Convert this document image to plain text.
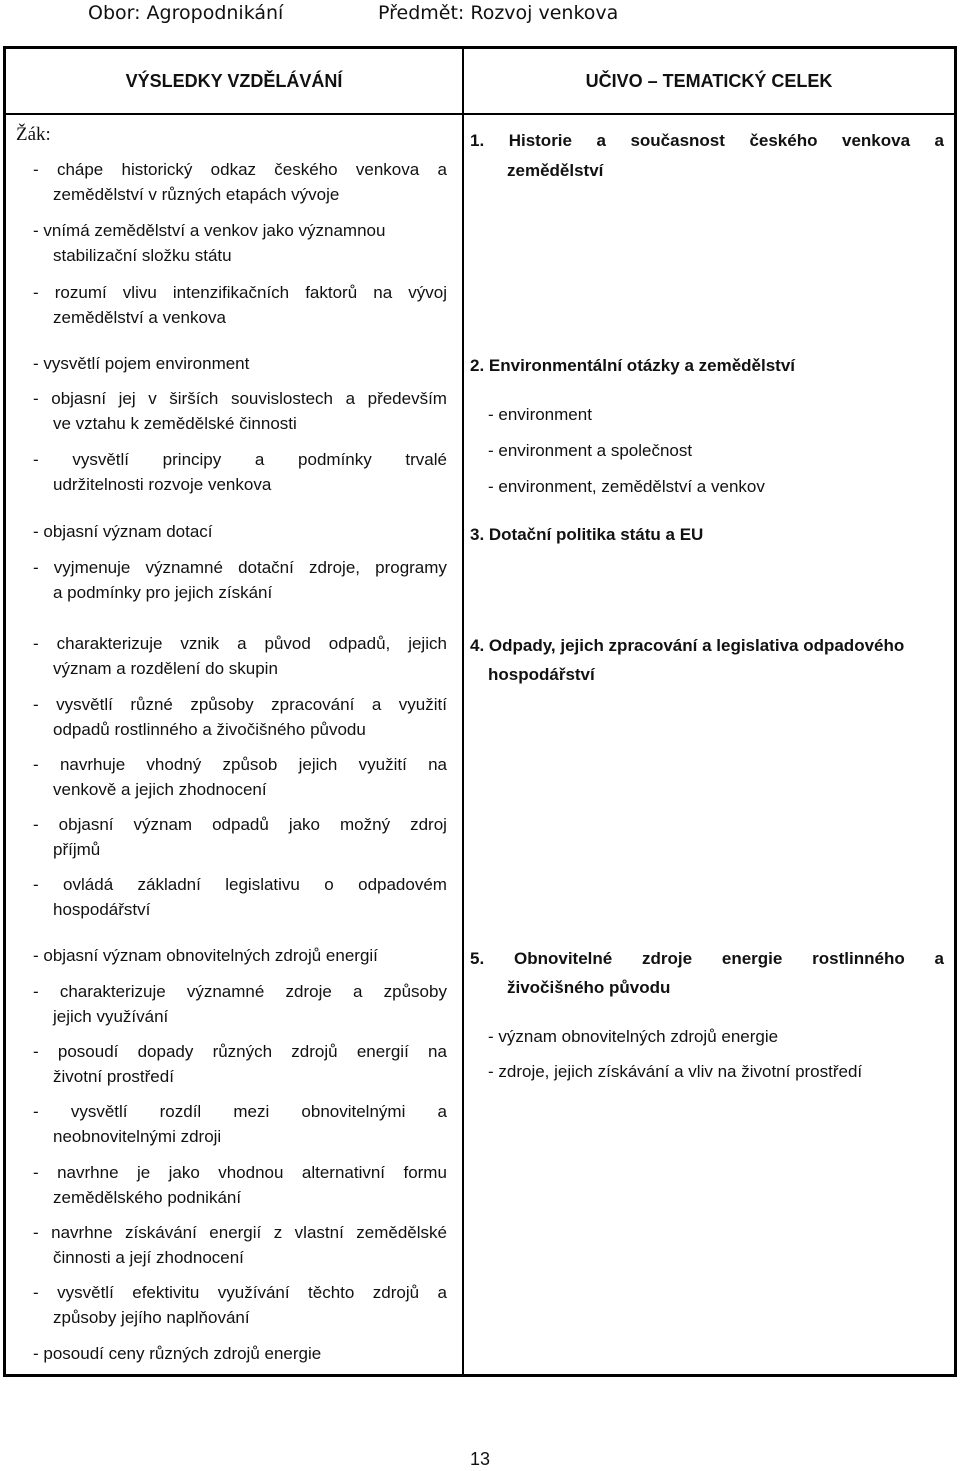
Obor: Agropodnikání	Předmět: Rozvoj venkova
VÝSLEDKY VZDĚLÁVÁNÍ	UČIVO – TEMATICKÝ CELEK
Žák:
- chápe historický odkaz českého venkova a
zemědělství v různých etapách vývoje
- vnímá zemědělství a venkov jako významnou
stabilizační složku státu
- rozumí vlivu intenzifikačních faktorů na vývoj
zemědělství a venkova
- vysvětlí pojem environment
- objasní jej v širších souvislostech a především
ve vztahu k zemědělské činnosti
- vysvětlí principy a podmínky trvalé
udržitelnosti rozvoje venkova
- objasní význam dotací
- vyjmenuje významné dotační zdroje, programy
a podmínky pro jejich získání
- charakterizuje vznik a původ odpadů, jejich
význam a rozdělení do skupin
- vysvětlí různé způsoby zpracování a využití
odpadů rostlinného a živočišného původu
- navrhuje vhodný způsob jejich využití na
venkově a jejich zhodnocení
- objasní význam odpadů jako možný zdroj
příjmů
- ovládá základní legislativu o odpadovém
hospodářství
- objasní význam obnovitelných zdrojů energií
- charakterizuje významné zdroje a způsoby
jejich využívání
- posoudí dopady různých zdrojů energií na
životní prostředí
- vysvětlí rozdíl mezi obnovitelnými a
neobnovitelnými zdroji
- navrhne je jako vhodnou alternativní formu
zemědělského podnikání
- navrhne získávání energií z vlastní zemědělské
činnosti a její zhodnocení
- vysvětlí efektivitu využívání těchto zdrojů a
způsoby jejího naplňování
- posoudí ceny různých zdrojů energie
1. Historie a současnost českého venkova a
zemědělství
2. Environmentální otázky a zemědělství
- environment
- environment a společnost
- environment, zemědělství a venkov
3. Dotační politika státu a EU
4. Odpady, jejich zpracování a legislativa odpadového
hospodářství
5. Obnovitelné zdroje energie rostlinného a
živočišného původu
- význam obnovitelných zdrojů energie
- zdroje, jejich získávání a vliv na životní prostředí
13
